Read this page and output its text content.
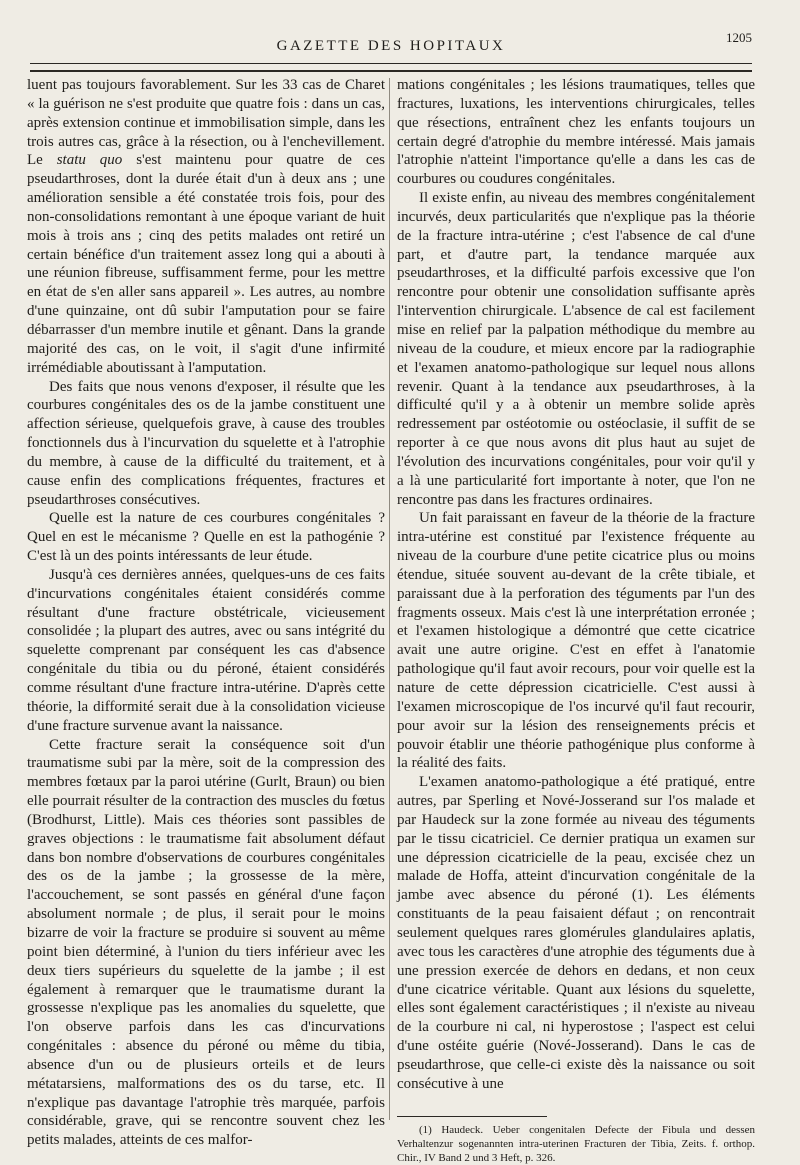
GAZETTE DES HOPITAUX
1205

luent pas toujours favorablement. Sur les 33 cas de Charet « la guérison ne s'est produite que quatre fois : dans un cas, après extension continue et immobilisation simple, dans les trois autres cas, grâce à la résection, ou à l'enchevillement. Le statu quo s'est maintenu pour quatre de ces pseudarthroses, dont la durée était d'un à deux ans ; une amélioration sensible a été constatée trois fois, pour des non-consolidations remontant à une époque variant de huit mois à trois ans ; cinq des petits malades ont retiré un certain bénéfice d'un traitement assez long qui a abouti à une réunion fibreuse, suffisamment ferme, pour les mettre en état de s'en aller sans appareil ». Les autres, au nombre d'une quinzaine, ont dû subir l'amputation pour se faire débarrasser d'un membre inutile et gênant. Dans la grande majorité des cas, on le voit, il s'agit d'une infirmité irrémédiable aboutissant à l'amputation.

Des faits que nous venons d'exposer, il résulte que les courbures congénitales des os de la jambe constituent une affection sérieuse, quelquefois grave, à cause des troubles fonctionnels dus à l'incurvation du squelette et à l'atrophie du membre, à cause de la difficulté du traitement, et à cause enfin des complications fréquentes, fractures et pseudarthroses consécutives.

Quelle est la nature de ces courbures congénitales ? Quel en est le mécanisme ? Quelle en est la pathogénie ? C'est là un des points intéressants de leur étude.

Jusqu'à ces dernières années, quelques-uns de ces faits d'incurvations congénitales étaient considérés comme résultant d'une fracture obstétricale, vicieusement consolidée ; la plupart des autres, avec ou sans intégrité du squelette comprenant par conséquent les cas d'absence congénitale du tibia ou du péroné, étaient considérés comme résultant d'une fracture intra-utérine. D'après cette théorie, la difformité serait due à la consolidation vicieuse d'une fracture survenue avant la naissance.

Cette fracture serait la conséquence soit d'un traumatisme subi par la mère, soit de la compression des membres fœtaux par la paroi utérine (Gurlt, Braun) ou bien elle pourrait résulter de la contraction des muscles du fœtus (Brodhurst, Little). Mais ces théories sont passibles de graves objections : le traumatisme fait absolument défaut dans bon nombre d'observations de courbures congénitales des os de la jambe ; la grossesse de la mère, l'accouchement, se sont passés en général d'une façon absolument normale ; de plus, il serait pour le moins bizarre de voir la fracture se produire si souvent au même point bien déterminé, à l'union du tiers inférieur avec les deux tiers supérieurs du squelette de la jambe ; il est également à remarquer que le traumatisme durant la grossesse n'explique pas les anomalies du squelette, que l'on observe parfois dans les cas d'incurvations congénitales : absence du péroné ou même du tibia, absence d'un ou de plusieurs orteils et de leurs métatarsiens, malformations des os du tarse, etc. Il n'explique pas davantage l'atrophie très marquée, parfois considérable, grave, qui se rencontre souvent chez les petits malades, atteints de ces malfor-

mations congénitales ; les lésions traumatiques, telles que fractures, luxations, les interventions chirurgicales, telles que résections, entraînent chez les enfants toujours un certain degré d'atrophie du membre intéressé. Mais jamais l'atrophie n'atteint l'importance qu'elle a dans les cas de courbures ou coudures congénitales.

Il existe enfin, au niveau des membres congénitalement incurvés, deux particularités que n'explique pas la théorie de la fracture intra-utérine ; c'est l'absence de cal d'une part, et d'autre part, la tendance marquée aux pseudarthroses, et la difficulté parfois excessive que l'on rencontre pour obtenir une consolidation suffisante après l'intervention chirurgicale. L'absence de cal est facilement mise en relief par la palpation méthodique du membre au niveau de la coudure, et mieux encore par la radiographie et l'examen anatomo-pathologique sur lequel nous allons revenir. Quant à la tendance aux pseudarthroses, à la difficulté qu'il y a à obtenir un membre solide après redressement par ostéotomie ou ostéoclasie, il suffit de se reporter à ce que nous avons dit plus haut au sujet de l'évolution des incurvations congénitales, pour voir qu'il y a là une particularité fort importante à noter, que l'on ne rencontre pas dans les fractures ordinaires.

Un fait paraissant en faveur de la théorie de la fracture intra-utérine est constitué par l'existence fréquente au niveau de la courbure d'une petite cicatrice plus ou moins étendue, située souvent au-devant de la crête tibiale, et paraissant due à la perforation des téguments par l'un des fragments osseux. Mais c'est là une interprétation erronée ; et l'examen histologique a démontré que cette cicatrice avait une autre origine. C'est en effet à l'anatomie pathologique qu'il faut avoir recours, pour voir quelle est la nature de cette dépression cicatricielle. C'est aussi à l'examen microscopique de l'os incurvé qu'il faut recourir, pour avoir sur la lésion des renseignements précis et pouvoir établir une théorie pathogénique plus conforme à la réalité des faits.

L'examen anatomo-pathologique a été pratiqué, entre autres, par Sperling et Nové-Josserand sur l'os malade et par Haudeck sur la zone formée au niveau des téguments par le tissu cicatriciel. Ce dernier pratiqua un examen sur une dépression cicatricielle de la peau, excisée chez un malade de Hoffa, atteint d'incurvation congénitale de la jambe avec absence du péroné (1). Les éléments constituants de la peau faisaient défaut ; on rencontrait seulement quelques rares glomérules glandulaires aplatis, avec tous les caractères d'une atrophie des téguments due à une pression exercée de dehors en dedans, et non ceux d'une cicatrice véritable. Quant aux lésions du squelette, elles sont également caractéristiques ; il n'existe au niveau de la courbure ni cal, ni hyperostose ; l'aspect est celui d'une ostéite guérie (Nové-Josserand). Dans le cas de pseudarthrose, que celle-ci existe dès la naissance ou soit consécutive à une

(1) Haudeck. Ueber congenitalen Defecte der Fibula und dessen Verhaltenzur sogenannten intra-uterinen Fracturen der Tibia, Zeits. f. orthop. Chir., IV Band 2 und 3 Heft, p. 326.
